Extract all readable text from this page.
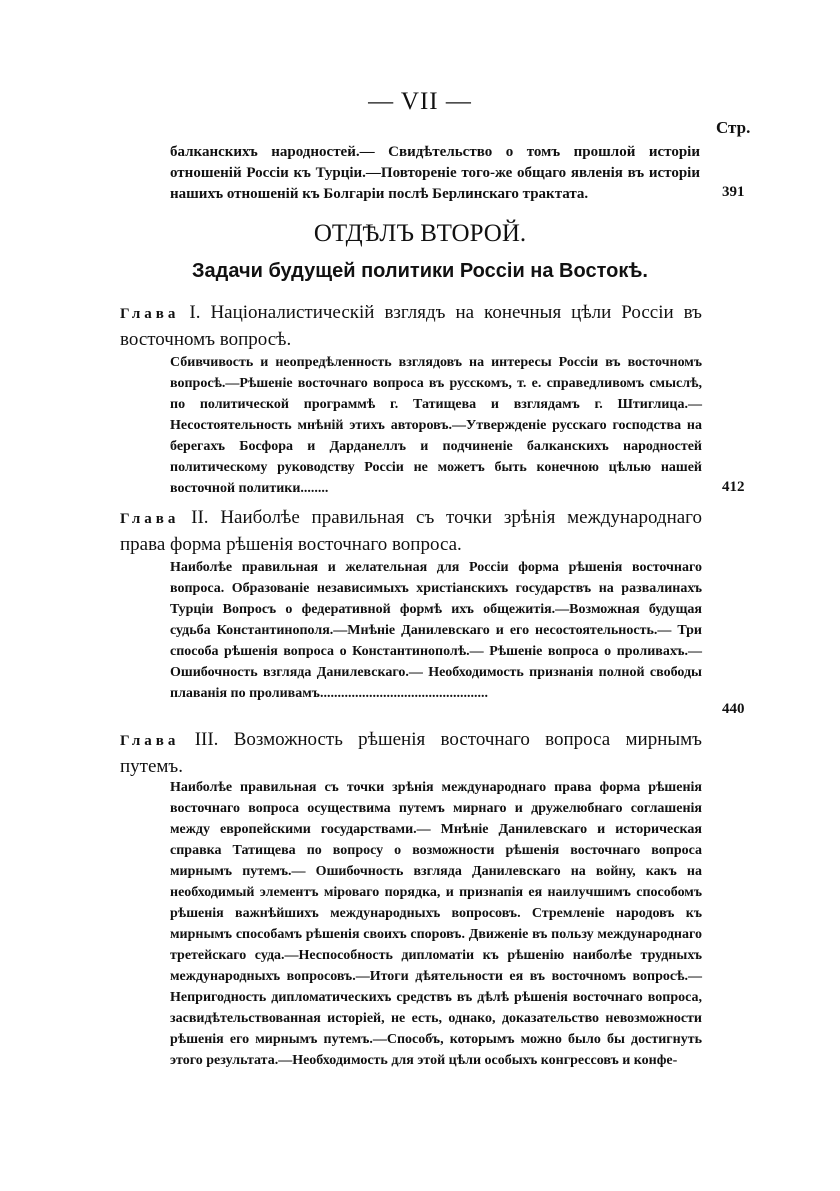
— VII —
Стр.
балканскихъ народностей.— Свидѣтельство о томъ прошлой исторіи отношеній Россіи къ Турціи.—Повтореніе того-же общаго явленія въ исторіи нашихъ отношеній къ Болгаріи послѣ Берлинскаго трактата.	391
ОТДѢЛЪ ВТОРОЙ.
Задачи будущей политики Россіи на Востокѣ.
Глава I. Націоналистическій взглядъ на конечныя цѣли Россіи въ восточномъ вопросѣ.
Сбивчивость и неопредѣленность взглядовъ на интересы Россіи въ восточномъ вопросѣ.—Рѣшеніе восточнаго вопроса въ русскомъ, т. е. справедливомъ смыслѣ, по политической программѣ г. Татищева и взглядамъ г. Штиглица.—Несостоятельность мнѣній этихъ авторовъ.—Утвержденіе русскаго господства на берегахъ Босфора и Дарданеллъ и подчиненіе балканскихъ народностей политическому руководству Россіи не можетъ быть конечною цѣлью нашей восточной политики........	412
Глава II. Наиболѣе правильная съ точки зрѣнія международнаго права форма рѣшенія восточнаго вопроса.
Наиболѣе правильная и желательная для Россіи форма рѣшенія восточнаго вопроса. Образованіе независимыхъ христіанскихъ государствъ на развалинахъ Турціи Вопросъ о федеративной формѣ ихъ общежитія.—Возможная будущая судьба Константинополя.—Мнѣніе Данилевскаго и его несостоятельность.— Три способа рѣшенія вопроса о Константинополѣ.— Рѣшеніе вопроса о проливахъ.— Ошибочность взгляда Данилевскаго.— Необходимость признанія полной свободы плаванія по проливамъ................................................
440
Глава III. Возможность рѣшенія восточнаго вопроса мирнымъ путемъ.
Наиболѣе правильная съ точки зрѣнія международнаго права форма рѣшенія восточнаго вопроса осуществима путемъ мирнаго и дружелюбнаго соглашенія между европейскими государствами.— Мнѣніе Данилевскаго и историческая справка Татищева по вопросу о возможности рѣшенія восточнаго вопроса мирнымъ путемъ.— Ошибочность взгляда Данилевскаго на войну, какъ на необходимый элементъ міроваго порядка, и признапія ея наилучшимъ способомъ рѣшенія важнѣйшихъ международныхъ вопросовъ. Стремленіе народовъ къ мирнымъ способамъ рѣшенія своихъ споровъ. Движеніе въ пользу международнаго третейскаго суда.—Неспособность дипломатіи къ рѣшенію наиболѣе трудныхъ международныхъ вопросовъ.—Итоги дѣятельности ея въ восточномъ вопросѣ.— Непригодность дипломатическихъ средствъ въ дѣлѣ рѣшенія восточнаго вопроса, засвидѣтельствованная исторіей, не есть, однако, доказательство невозможности рѣшенія его мирнымъ путемъ.—Способъ, которымъ можно было бы достигнуть этого результата.—Необходимость для этой цѣли особыхъ конгрессовъ и конфе-
